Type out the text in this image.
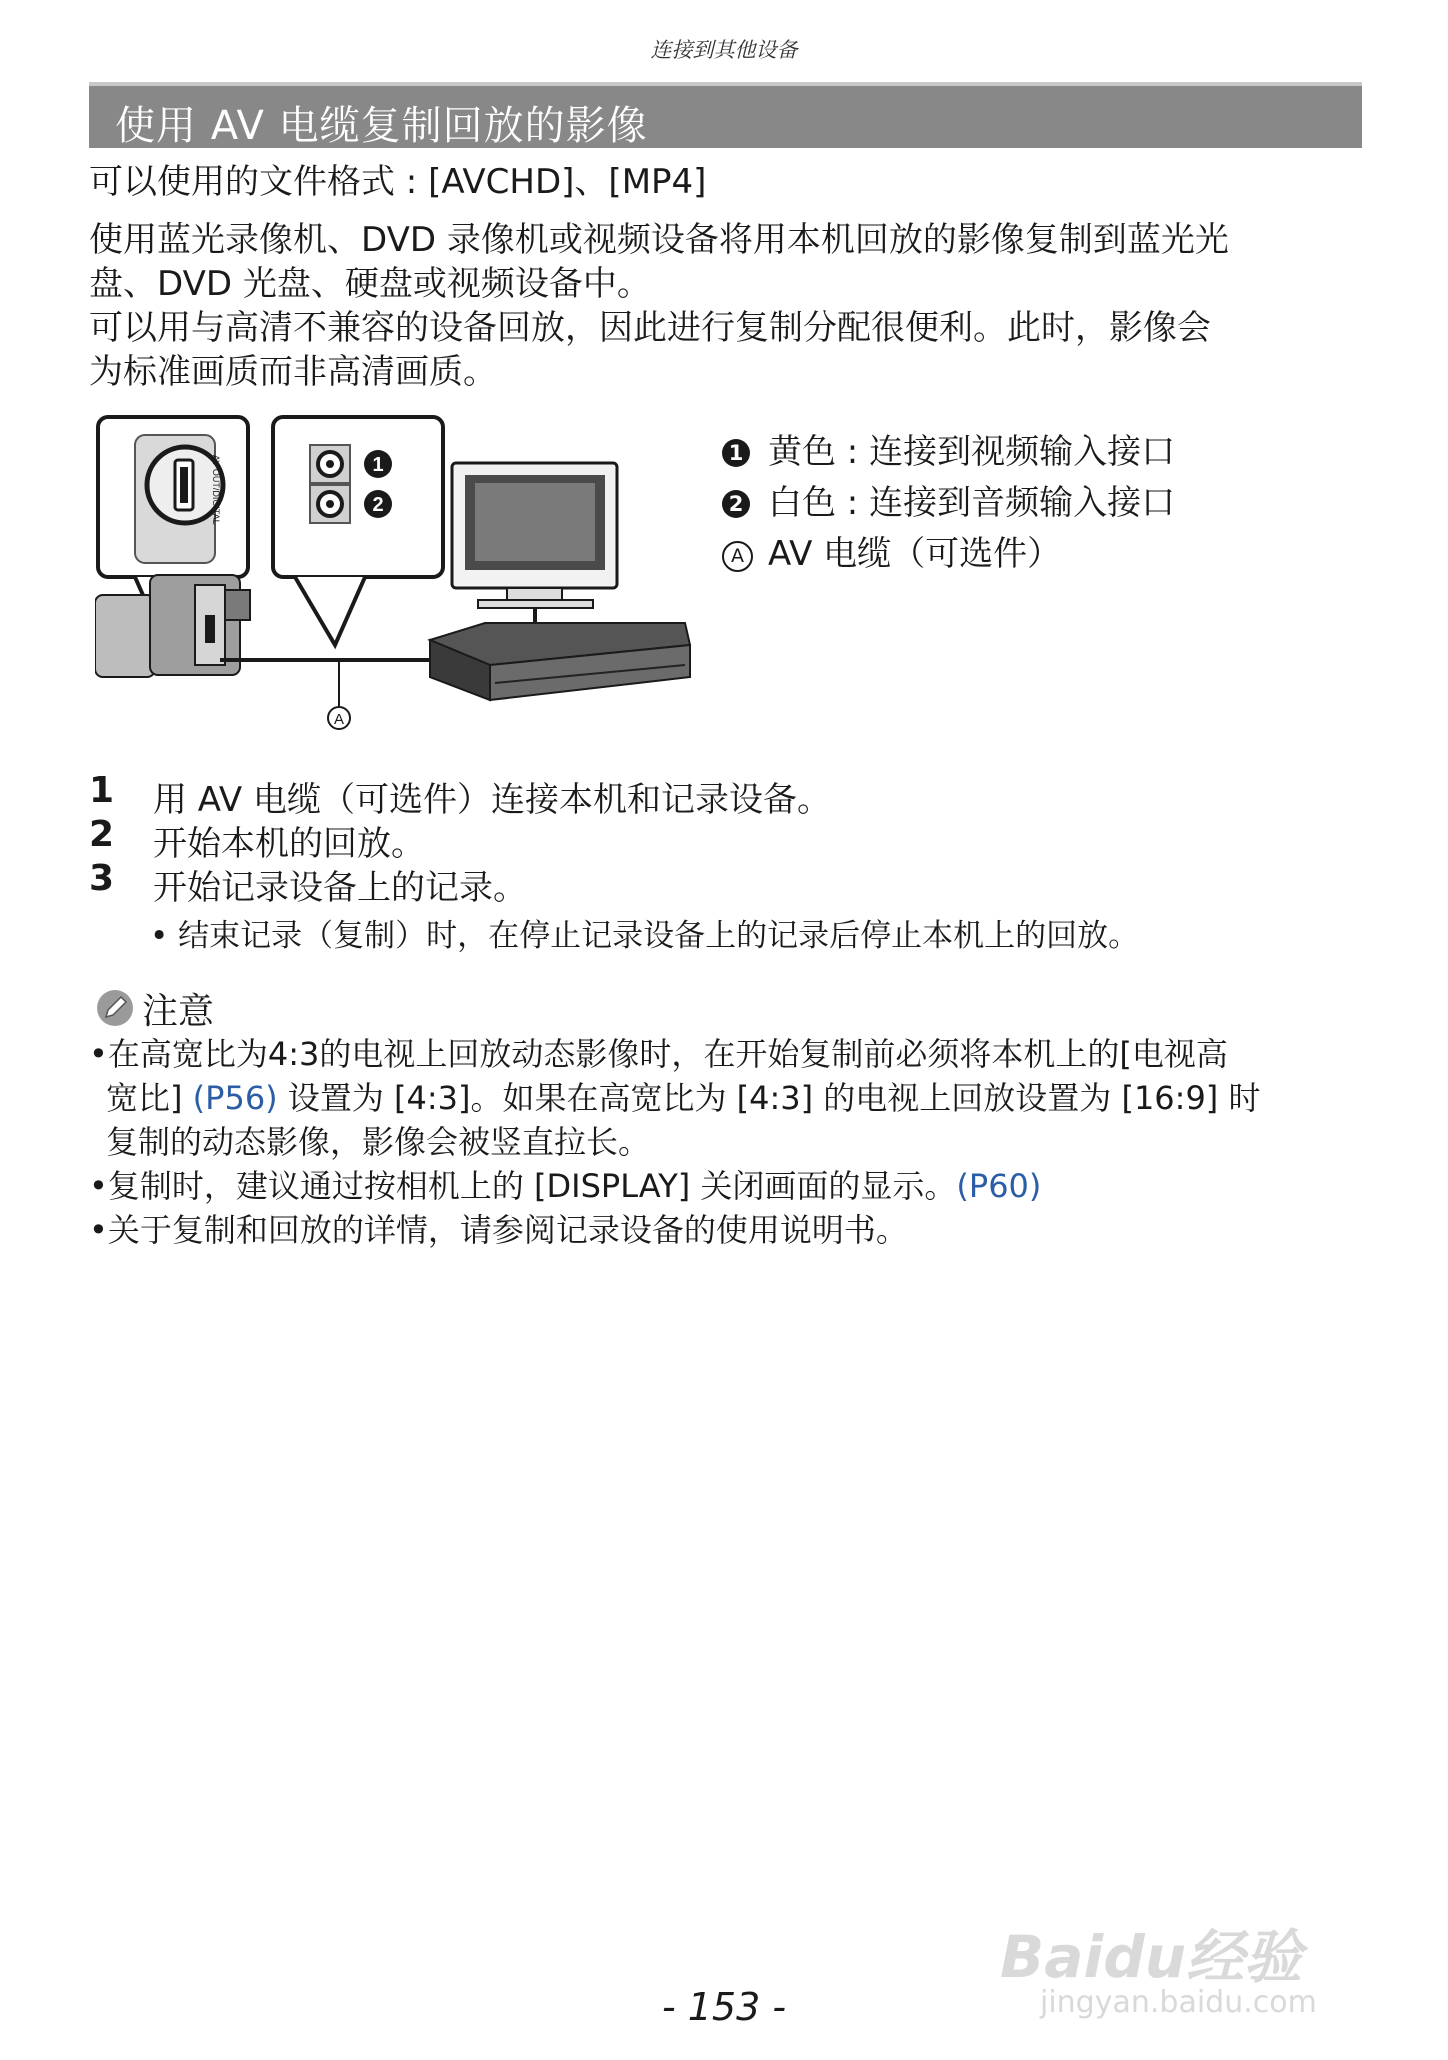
连接到其他设备
使用 AV 电缆复制回放的影像
可以使用的文件格式 : [AVCHD]、[MP4]
使用蓝光录像机、DVD 录像机或视频设备将用本机回放的影像复制到蓝光光
盘、DVD 光盘、硬盘或视频设备中。
可以用与高清不兼容的设备回放，因此进行复制分配很便利。此时，影像会
为标准画质而非高清画质。
AV OUT/DIGITAL	1
2
A
1 黄色 : 连接到视频输入接口
2 白色 : 连接到音频输入接口
A AV 电缆（可选件）
1 用 AV 电缆（可选件）连接本机和记录设备。
2 开始本机的回放。
3 开始记录设备上的记录。
• 结束记录（复制）时，在停止记录设备上的记录后停止本机上的回放。
注意
•在高宽比为4:3的电视上回放动态影像时，在开始复制前必须将本机上的[电视高
宽比] (P56) 设置为 [4:3]。如果在高宽比为 [4:3] 的电视上回放设置为 [16:9] 时
复制的动态影像，影像会被竖直拉长。
•复制时，建议通过按相机上的 [DISPLAY] 关闭画面的显示。(P60)
•关于复制和回放的详情，请参阅记录设备的使用说明书。
Baidu经验
jingyan.baidu.com
- 153 -
